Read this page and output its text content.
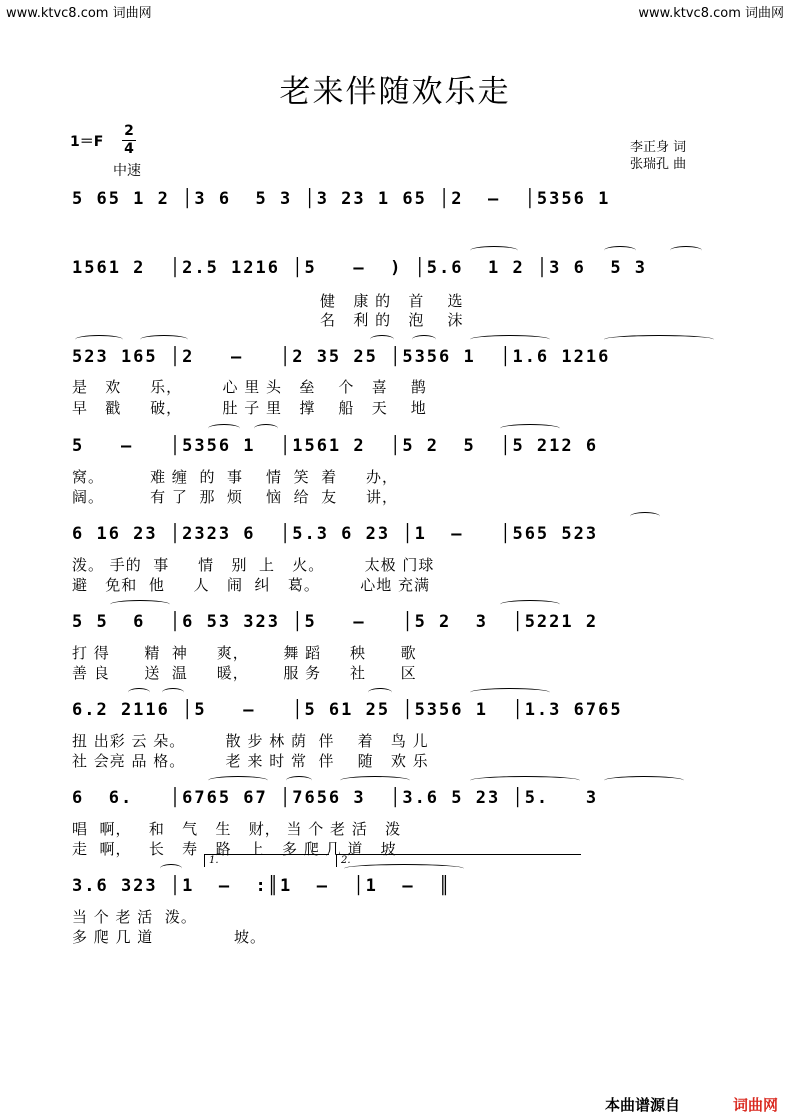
www.ktvc8.com 词曲网	www.ktvc8.com 词曲网
老来伴随欢乐走
1＝F
2
4
中速
李正身 词
张瑞孔 曲
5 65 1 2 │3 6  5 3 │3 23 1 65 │2  –  │5356 1
1561 2  │2.5 1216 │5   –  ) │5.6  1 2 │3 6  5 3
健   康 的   首    选
名   利 的   泡    沫
523 165 │2   –   │2 35 25 │5356 1  │1.6 1216
是   欢     乐，       心 里 头   垒    个   喜    鹊
早   戳     破，       肚 子 里   撑    船   天    地
5   –   │5356 1  │1561 2  │5 2  5  │5 212 6
窝。        难 缠  的  事    情  笑  着     办，
阔。        有 了  那  烦    恼  给  友     讲，
6 16 23 │2323 6  │5.3 6 23 │1  –   │565 523
泼。 手的  事     情   别  上   火。       太极 门球
避   免和  他     人   闹  纠   葛。       心地 充满
5 5  6  │6 53 323 │5   –   │5 2  3  │5221 2
打 得      精  神     爽，      舞 蹈     秧      歌
善 良      送  温     暖，      服 务     社      区
6.2 2116 │5   –   │5 61 25 │5356 1  │1.3 6765
扭 出彩 云 朵。       散 步 林 荫  伴    着   鸟 儿
社 会亮 品 格。       老 来 时 常  伴    随   欢 乐
6  6.   │6765 67 │7656 3  │3.6 5 23 │5.   3
唱  啊，   和   气   生   财， 当 个 老 活   泼
走  啊，   长   寿   路   上   多 爬 几 道   坡
1.	2.
3.6 323 │1  –  :║1  –  │1  –  ║
当 个 老 活  泼。
多 爬 几 道              坡。
本曲谱源自	词曲网
